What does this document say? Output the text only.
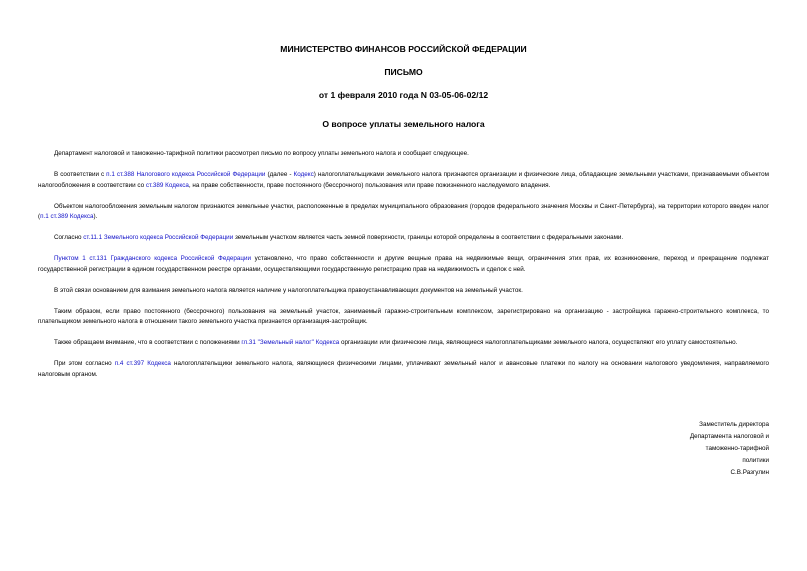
МИНИСТЕРСТВО ФИНАНСОВ РОССИЙСКОЙ ФЕДЕРАЦИИ
ПИСЬМО
от 1 февраля 2010 года N 03-05-06-02/12
О вопросе уплаты земельного налога

Департамент налоговой и таможенно-тарифной политики рассмотрел письмо по вопросу уплаты земельного налога и сообщает следующее.

В соответствии с п.1 ст.388 Налогового кодекса Российской Федерации (далее - Кодекс) налогоплательщиками земельного налога признаются организации и физические лица, обладающие земельными участками, признаваемыми объектом налогообложения в соответствии со ст.389 Кодекса, на праве собственности, праве постоянного (бессрочного) пользования или праве пожизненного наследуемого владения.

Объектом налогообложения земельным налогом признаются земельные участки, расположенные в пределах муниципального образования (городов федерального значения Москвы и Санкт-Петербурга), на территории которого введен налог (п.1 ст.389 Кодекса).

Согласно ст.11.1 Земельного кодекса Российской Федерации земельным участком является часть земной поверхности, границы которой определены в соответствии с федеральными законами.

Пунктом 1 ст.131 Гражданского кодекса Российской Федерации установлено, что право собственности и другие вещные права на недвижимые вещи, ограничения этих прав, их возникновение, переход и прекращение подлежат государственной регистрации в едином государственном реестре органами, осуществляющими государственную регистрацию прав на недвижимость и сделок с ней.

В этой связи основанием для взимания земельного налога является наличие у налогоплательщика правоустанавливающих документов на земельный участок.

Таким образом, если право постоянного (бессрочного) пользования на земельный участок, занимаемый гаражно-строительным комплексом, зарегистрировано на организацию - застройщика гаражно-строительного комплекса, то плательщиком земельного налога в отношении такого земельного участка признается организация-застройщик.

Также обращаем внимание, что в соответствии с положениями гл.31 "Земельный налог" Кодекса организации или физические лица, являющиеся налогоплательщиками земельного налога, осуществляют его уплату самостоятельно.

При этом согласно п.4 ст.397 Кодекса налогоплательщики земельного налога, являющиеся физическими лицами, уплачивают земельный налог и авансовые платежи по налогу на основании налогового уведомления, направляемого налоговым органом.

Заместитель директора
Департамента налоговой и
таможенно-тарифной
политики
С.В.Разгулин
